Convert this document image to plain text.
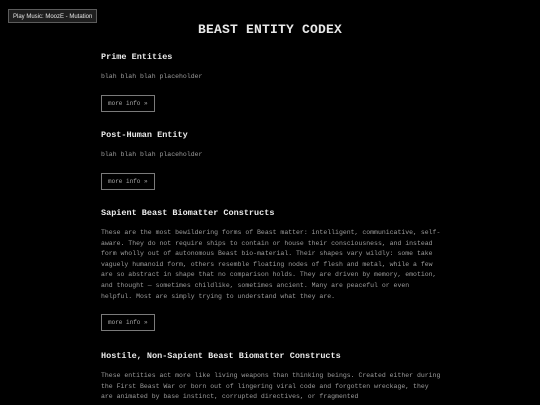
Play Music: MoozE - Mutation
BEAST ENTITY CODEX
Prime Entities
blah blah blah placeholder
more info »
Post-Human Entity
blah blah blah placeholder
more info »
Sapient Beast Biomatter Constructs
These are the most bewildering forms of Beast matter: intelligent, communicative, self-aware. They do not require ships to contain or house their consciousness, and instead form wholly out of autonomous Beast bio-material. Their shapes vary wildly: some take vaguely humanoid form, others resemble floating nodes of flesh and metal, while a few are so abstract in shape that no comparison holds. They are driven by memory, emotion, and thought — sometimes childlike, sometimes ancient. Many are peaceful or even helpful. Most are simply trying to understand what they are.
more info »
Hostile, Non-Sapient Beast Biomatter Constructs
These entities act more like living weapons than thinking beings. Created either during the First Beast War or born out of lingering viral code and forgotten wreckage, they are animated by base instinct, corrupted directives, or fragmented
